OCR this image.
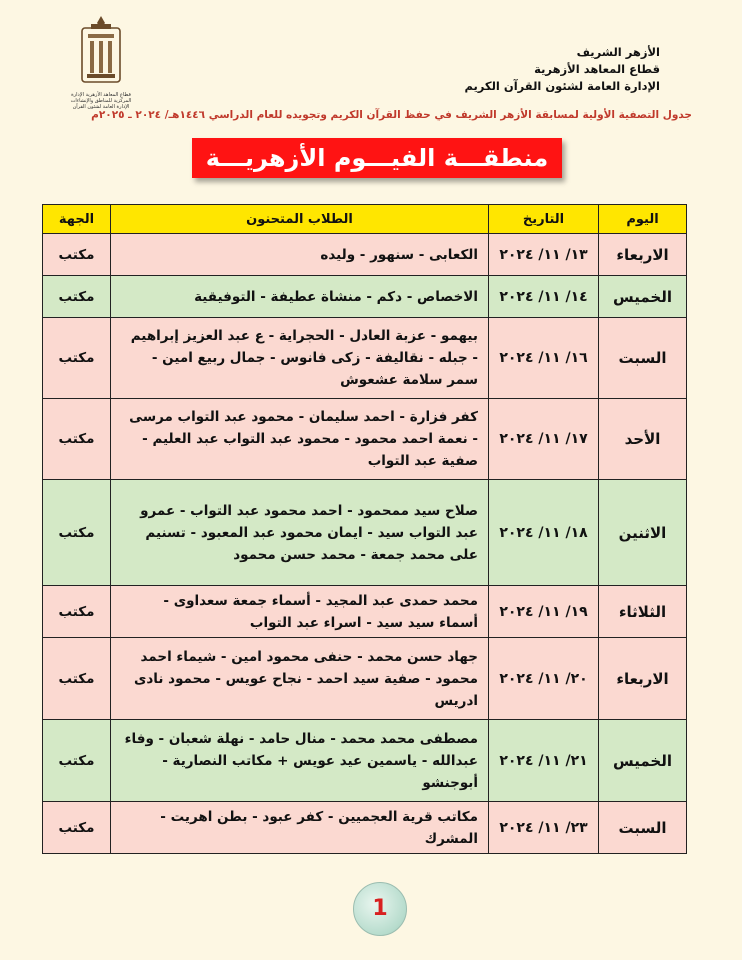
قطاع المعاهد الأزهرية الإدارة المركزية للمناطق والإنشاءات الإدارة العامة لشئون القرآن
الأزهر الشريف
قطاع المعاهد الأزهرية
الإدارة العامة لشئون القرآن الكريم
جدول التصفية الأولية لمسابقة الأزهر الشريف في حفظ القرآن الكريم وتجويده للعام الدراسي ١٤٤٦هـ/ ٢٠٢٤ ـ ٢٠٢٥م
منطقـــة الفيـــوم الأزهريـــة
اليوم	التاريخ	الطلاب المتحنون	الجهة
الاربعاء	١٣/ ١١/ ٢٠٢٤	الكعابى - سنهور - وليده	مكتب
الخميس	١٤/ ١١/ ٢٠٢٤	الاخصاص - دكم - منشاة عطيفة - التوفيقية	مكتب
السبت	١٦/ ١١/ ٢٠٢٤	بيهمو - عزبة العادل - الحجراية - ع عبد العزيز إبراهيم - جبله - نقاليفة - زكى فانوس - جمال ربيع امين - سمر سلامة عشعوش	مكتب
الأحد	١٧/ ١١/ ٢٠٢٤	كفر فزارة - احمد سليمان - محمود عبد التواب مرسى - نعمة احمد محمود - محمود عبد التواب عبد العليم - صفية عبد التواب	مكتب
الاثنين	١٨/ ١١/ ٢٠٢٤	صلاح سيد ممحمود - احمد محمود عبد التواب - عمرو عبد التواب سيد - ايمان محمود عبد المعبود - تسنيم على محمد جمعة - محمد حسن محمود	مكتب
الثلاثاء	١٩/ ١١/ ٢٠٢٤	محمد حمدى عبد المجيد - أسماء جمعة سعداوى - أسماء سيد سيد - اسراء عبد التواب	مكتب
الاربعاء	٢٠/ ١١/ ٢٠٢٤	جهاد حسن محمد - حنفى محمود امين - شيماء احمد محمود - صفية سيد احمد - نجاح عويس - محمود نادى ادريس	مكتب
الخميس	٢١/ ١١/ ٢٠٢٤	مصطفى محمد محمد - منال حامد - نهلة شعبان - وفاء عبدالله - ياسمين عيد عويس + مكاتب النصارية - أبوجنشو	مكتب
السبت	٢٣/ ١١/ ٢٠٢٤	مكاتب قرية العجميين - كفر عبود - بطن اهريت - المشرك	مكتب
1
